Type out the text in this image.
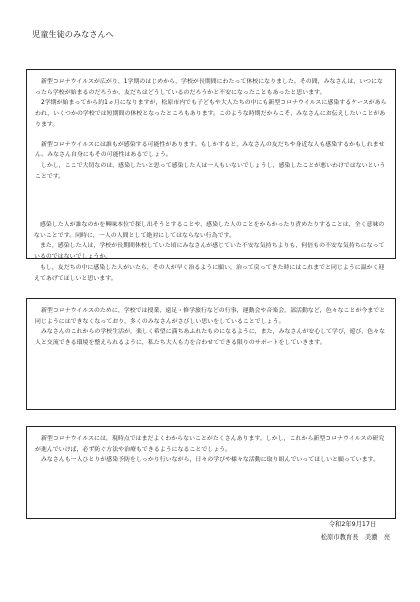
児童生徒のみなさんへ

　新型コロナウイルスが広がり，1学期のはじめから，学校が長期間にわたって休校になりました。その間，みなさんは，いつになったら学校が始まるのだろうか，友だちはどうしているのだろうかと不安になったこともあったと思います。

　2学期が始まってから約1ヵ月になりますが，松原市内でも子どもや大人たちの中にも新型コロナウイルスに感染するケースがあらわれ，いくつかの学校では短期間の休校となったところもあります。このような時期だからこそ，みなさんにお伝えしたいことがあります。

　新型コロナウイルスには誰もが感染する可能性があります。もしかすると，みなさんの友だちや身近な人も感染するかもしれません。みなさん自身にもその可能性はあるでしょう。

　しかし，ここで大切なのは，感染したいと思って感染した人は一人もいないでしょうし，感染したことが悪いわけではないということです。

　感染した人が誰なのかを興味本位で探し出そうとすることや，感染した人のことをからかったり責めたりすることは，全く意味のないことです。同時に，一人の人間として絶対にしてはならない行為です。

　また，感染した人は，学校が長期間休校していた頃にみなさんが感じていた不安な気持ちよりも，何倍もの不安な気持ちになっているのではないでしょうか。

　もし，友だちの中に感染した人がいたら，その人が早く治るように願い，治って戻ってきた時にはこれまでと同じように温かく迎えてあげてほしいと思います。

　新型コロナウイルスのために，学校では授業，遠足・修学旅行などの行事，運動会や音楽会，部活動など，色々なことが今までと同じようにはできなくなっており，多くのみなさんがさびしい思いをしていることでしょう。

　みなさんのこれからの学校生活が，楽しく希望に満ちあふれたものになるように，また，みなさんが安心して学び，遊び，色々な人と交流できる環境を整えられるように，私たち大人も力を合わせてできる限りのサポートをしていきます。

　新型コロナウイルスには，現時点ではまだよくわからないことがたくさんあります。しかし，これから新型コロナウイルスの研究が進んでいけば，必ず防ぐ方法や治療もできるようになることでしょう。

　みなさんも一人ひとりが感染予防をしっかり行いながら，日々の学びや様々な活動に取り組んでいってほしいと願っています。

令和2年9月17日
松原市教育長　美濃　亮
